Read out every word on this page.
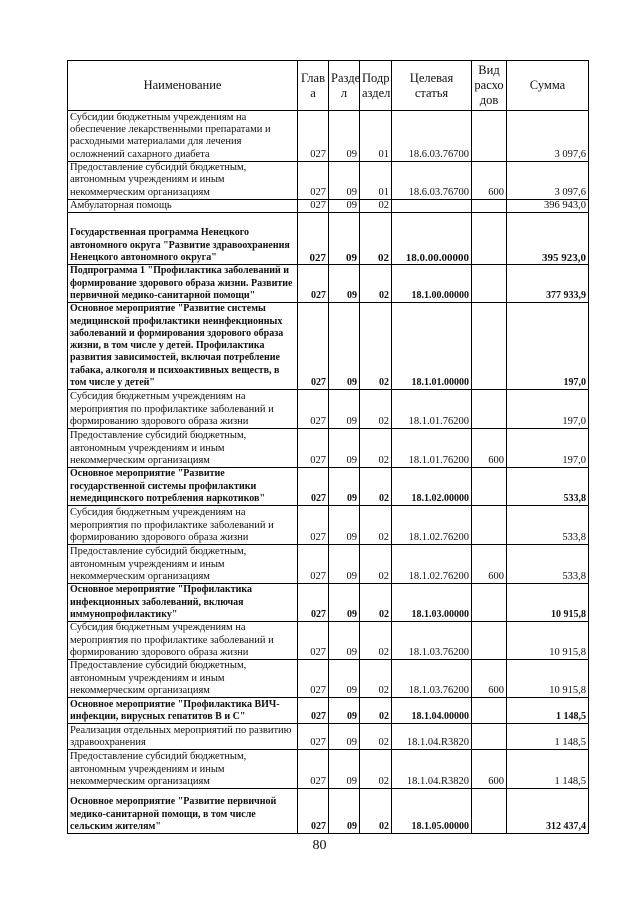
Наименование	Глав а	Разде л	Подр аздел	Целевая статья	Вид расхо дов	Сумма
Субсидии бюджетным учреждениям на обеспечение лекарственными препаратами и расходными материалами для лечения осложнений сахарного диабета	027	09	01	18.6.03.76700		3 097,6
Предоставление субсидий бюджетным, автономным учреждениям и иным некоммерческим организациям	027	09	01	18.6.03.76700	600	3 097,6
Амбулаторная помощь	027	09	02			396 943,0
Государственная программа Ненецкого автономного округа "Развитие здравоохранения Ненецкого автономного округа"	027	09	02	18.0.00.00000		395 923,0
Подпрограмма 1 "Профилактика заболеваний и формирование здорового образа жизни. Развитие первичной медико-санитарной помощи"	027	09	02	18.1.00.00000		377 933,9
Основное мероприятие "Развитие системы медицинской профилактики неинфекционных заболеваний и формирования здорового образа жизни, в том числе у детей. Профилактика развития зависимостей, включая потребление табака, алкоголя и психоактивных веществ, в том числе у детей"	027	09	02	18.1.01.00000		197,0
Субсидия бюджетным учреждениям на мероприятия по профилактике заболеваний и формированию здорового образа жизни	027	09	02	18.1.01.76200		197,0
Предоставление субсидий бюджетным, автономным учреждениям и иным некоммерческим организациям	027	09	02	18.1.01.76200	600	197,0
Основное мероприятие "Развитие государственной системы профилактики немедицинского потребления наркотиков"	027	09	02	18.1.02.00000		533,8
Субсидия бюджетным учреждениям на мероприятия по профилактике заболеваний и формированию здорового образа жизни	027	09	02	18.1.02.76200		533,8
Предоставление субсидий бюджетным, автономным учреждениям и иным некоммерческим организациям	027	09	02	18.1.02.76200	600	533,8
Основное мероприятие "Профилактика инфекционных заболеваний, включая иммунопрофилактику"	027	09	02	18.1.03.00000		10 915,8
Субсидия бюджетным учреждениям на мероприятия по профилактике заболеваний и формированию здорового образа жизни	027	09	02	18.1.03.76200		10 915,8
Предоставление субсидий бюджетным, автономным учреждениям и иным некоммерческим организациям	027	09	02	18.1.03.76200	600	10 915,8
Основное мероприятие "Профилактика ВИЧ-инфекции, вирусных гепатитов В и С"	027	09	02	18.1.04.00000		1 148,5
Реализация отдельных мероприятий по развитию здравоохранения	027	09	02	18.1.04.R3820		1 148,5
Предоставление субсидий бюджетным, автономным учреждениям и иным некоммерческим организациям	027	09	02	18.1.04.R3820	600	1 148,5
Основное мероприятие "Развитие первичной медико-санитарной помощи, в том числе сельским жителям"	027	09	02	18.1.05.00000		312 437,4
80
